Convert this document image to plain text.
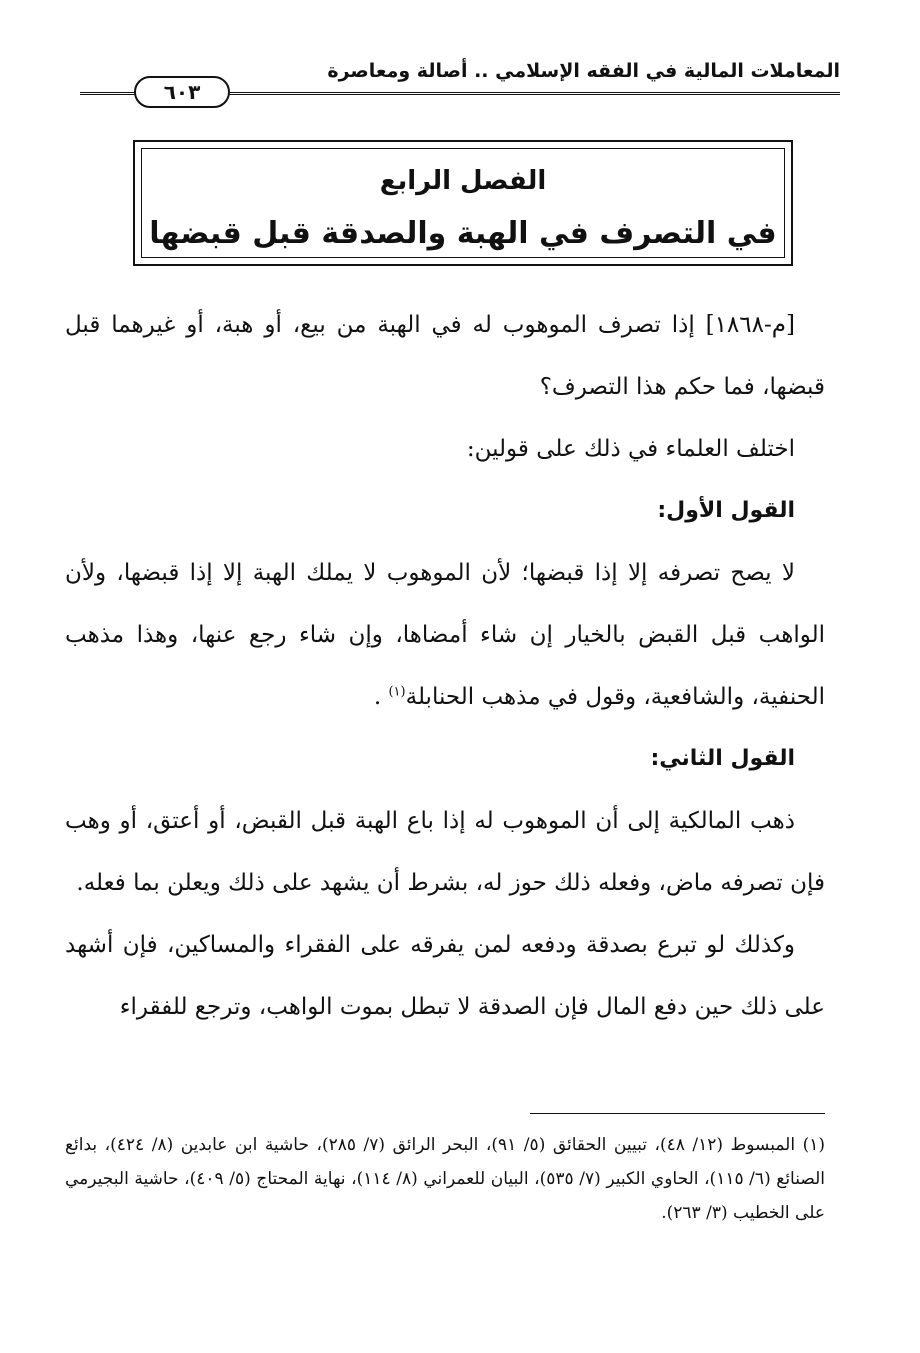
المعاملات المالية في الفقه الإسلامي .. أصالة ومعاصرة
٦٠٣
الفصل الرابع
في التصرف في الهبة والصدقة قبل قبضها

[م-١٨٦٨] إذا تصرف الموهوب له في الهبة من بيع، أو هبة، أو غيرهما قبل قبضها، فما حكم هذا التصرف؟

اختلف العلماء في ذلك على قولين:

القول الأول:

لا يصح تصرفه إلا إذا قبضها؛ لأن الموهوب لا يملك الهبة إلا إذا قبضها، ولأن الواهب قبل القبض بالخيار إن شاء أمضاها، وإن شاء رجع عنها، وهذا مذهب الحنفية، والشافعية، وقول في مذهب الحنابلة$^{(١)}$ .

القول الثاني:

ذهب المالكية إلى أن الموهوب له إذا باع الهبة قبل القبض، أو أعتق، أو وهب فإن تصرفه ماض، وفعله ذلك حوز له، بشرط أن يشهد على ذلك ويعلن بما فعله.

وكذلك لو تبرع بصدقة ودفعه لمن يفرقه على الفقراء والمساكين، فإن أشهد على ذلك حين دفع المال فإن الصدقة لا تبطل بموت الواهب، وترجع للفقراء

(١) المبسوط (١٢/ ٤٨)، تبيين الحقائق (٥/ ٩١)، البحر الرائق (٧/ ٢٨٥)، حاشية ابن عابدين (٨/ ٤٢٤)، بدائع الصنائع (٦/ ١١٥)، الحاوي الكبير (٧/ ٥٣٥)، البيان للعمراني (٨/ ١١٤)، نهاية المحتاج (٥/ ٤٠٩)، حاشية البجيرمي على الخطيب (٣/ ٢٦٣).
